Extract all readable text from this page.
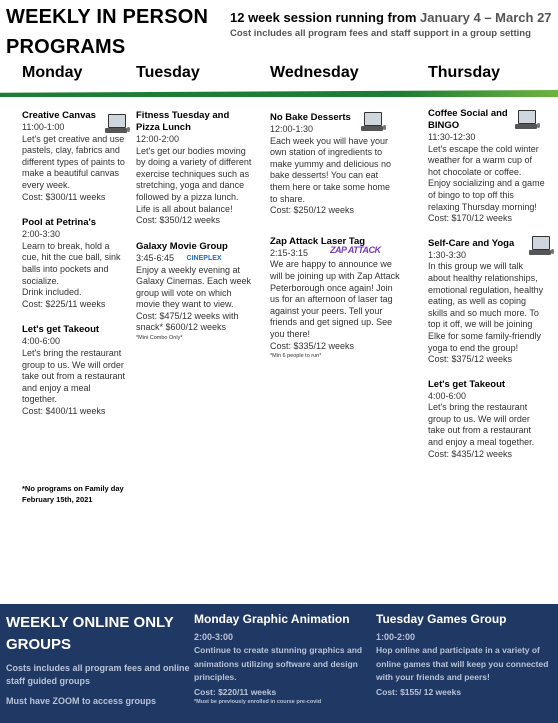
WEEKLY IN PERSON
PROGRAMS
12 week session running from January 4 – March 27
Cost includes all program fees and staff support in a group setting
Monday	Tuesday	Wednesday	Thursday
Creative Canvas
11:00-1:00
Let's get creative and use pastels, clay, fabrics and different types of paints to make a beautiful canvas every week.
Cost: $300/11 weeks
Pool at Petrina's
2:00-3:30
Learn to break, hold a cue, hit the cue ball, sink balls into pockets and socialize.
Drink included.
Cost: $225/11 weeks
Let's get Takeout
4:00-6:00
Let's bring the restaurant group to us. We will order take out from a restaurant and enjoy a meal together.
Cost: $400/11 weeks
*No programs on Family day February 15th, 2021
Fitness Tuesday and Pizza Lunch
12:00-2:00
Let's get our bodies moving by doing a variety of different exercise techniques such as stretching, yoga and dance followed by a pizza lunch. Life is all about balance!
Cost: $350/12 weeks
Galaxy Movie Group
3:45-6:45 CINEPLEX
Enjoy a weekly evening at Galaxy Cinemas. Each week group will vote on which movie they want to view.
Cost: $475/12 weeks with snack* $600/12 weeks
*Mini Combo Only*
No Bake Desserts
12:00-1:30
Each week you will have your own station of ingredients to make yummy and delicious no bake desserts! You can eat them here or take some home to share.
Cost: $250/12 weeks
Zap Attack Laser Tag
ZAP ATTACK
2:15-3:15
We are happy to announce we will be joining up with Zap Attack Peterborough once again! Join us for an afternoon of laser tag against your peers. Tell your friends and get signed up. See you there!
Cost: $335/12 weeks
*Min 6 people to run*
Coffee Social and BINGO
11:30-12:30
Let's escape the cold winter weather for a warm cup of hot chocolate or coffee. Enjoy socializing and a game of bingo to top off this relaxing Thursday morning!
Cost: $170/12 weeks
Self-Care and Yoga
1:30-3:30
In this group we will talk about healthy relationships, emotional regulation, healthy eating, as well as coping skills and so much more. To top it off, we will be joining Elke for some family-friendly yoga to end the group!
Cost: $375/12 weeks
Let's get Takeout
4:00-6:00
Let's bring the restaurant group to us. We will order take out from a restaurant and enjoy a meal together.
Cost: $435/12 weeks
WEEKLY ONLINE ONLY GROUPS
Costs includes all program fees and online staff guided groups
Must have ZOOM to access groups
Monday Graphic Animation
2:00-3:00
Continue to create stunning graphics and animations utilizing software and design principles.
Cost: $220/11 weeks
*Must be previously enrolled in course pre-covid
Tuesday Games Group
1:00-2:00
Hop online and participate in a variety of online games that will keep you connected with your friends and peers!
Cost: $155/ 12 weeks
